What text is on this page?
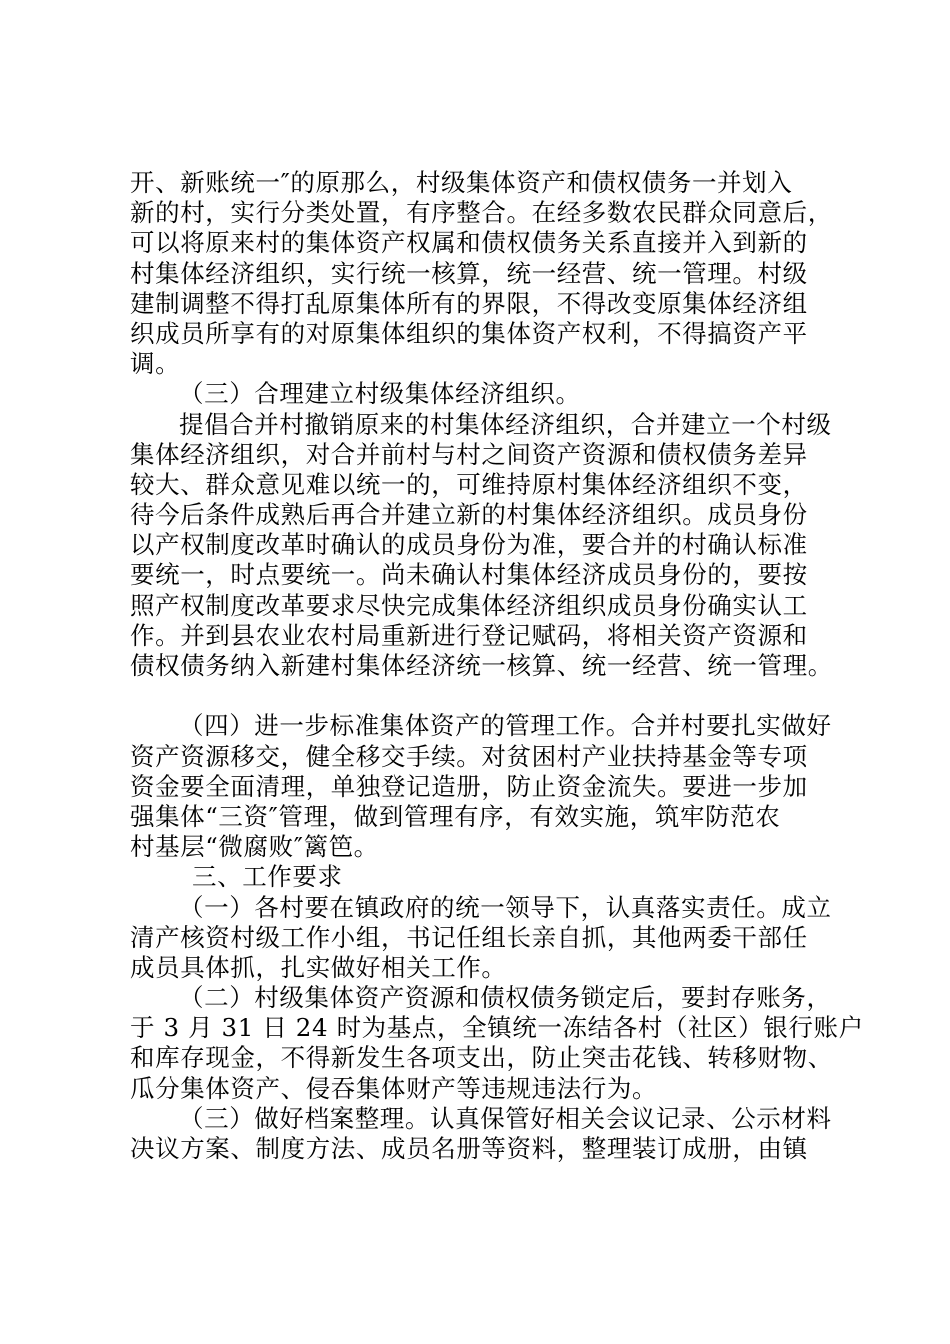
开、新账统一″的原那么，村级集体资产和债权债务一并划入
新的村，实行分类处置，有序整合。在经多数农民群众同意后，
可以将原来村的集体资产权属和债权债务关系直接并入到新的
村集体经济组织，实行统一核算，统一经营、统一管理。村级
建制调整不得打乱原集体所有的界限，不得改变原集体经济组
织成员所享有的对原集体组织的集体资产权利，不得搞资产平
调。
（三）合理建立村级集体经济组织。
提倡合并村撤销原来的村集体经济组织，合并建立一个村级
集体经济组织，对合并前村与村之间资产资源和债权债务差异
较大、群众意见难以统一的，可维持原村集体经济组织不变，
待今后条件成熟后再合并建立新的村集体经济组织。成员身份
以产权制度改革时确认的成员身份为准，要合并的村确认标准
要统一，时点要统一。尚未确认村集体经济成员身份的，要按
照产权制度改革要求尽快完成集体经济组织成员身份确实认工
作。并到县农业农村局重新进行登记赋码，将相关资产资源和
债权债务纳入新建村集体经济统一核算、统一经营、统一管理。
（四）进一步标准集体资产的管理工作。合并村要扎实做好
资产资源移交，健全移交手续。对贫困村产业扶持基金等专项
资金要全面清理，单独登记造册，防止资金流失。要进一步加
强集体“三资″管理，做到管理有序，有效实施，筑牢防范农
村基层“微腐败″篱笆。
三、工作要求
（一）各村要在镇政府的统一领导下，认真落实责任。成立
清产核资村级工作小组，书记任组长亲自抓，其他两委干部任
成员具体抓，扎实做好相关工作。
（二）村级集体资产资源和债权债务锁定后，要封存账务，
于 3 月 31 日 24 时为基点，全镇统一冻结各村（社区）银行账户
和库存现金，不得新发生各项支出，防止突击花钱、转移财物、
瓜分集体资产、侵吞集体财产等违规违法行为。
（三）做好档案整理。认真保管好相关会议记录、公示材料
决议方案、制度方法、成员名册等资料，整理装订成册，由镇
